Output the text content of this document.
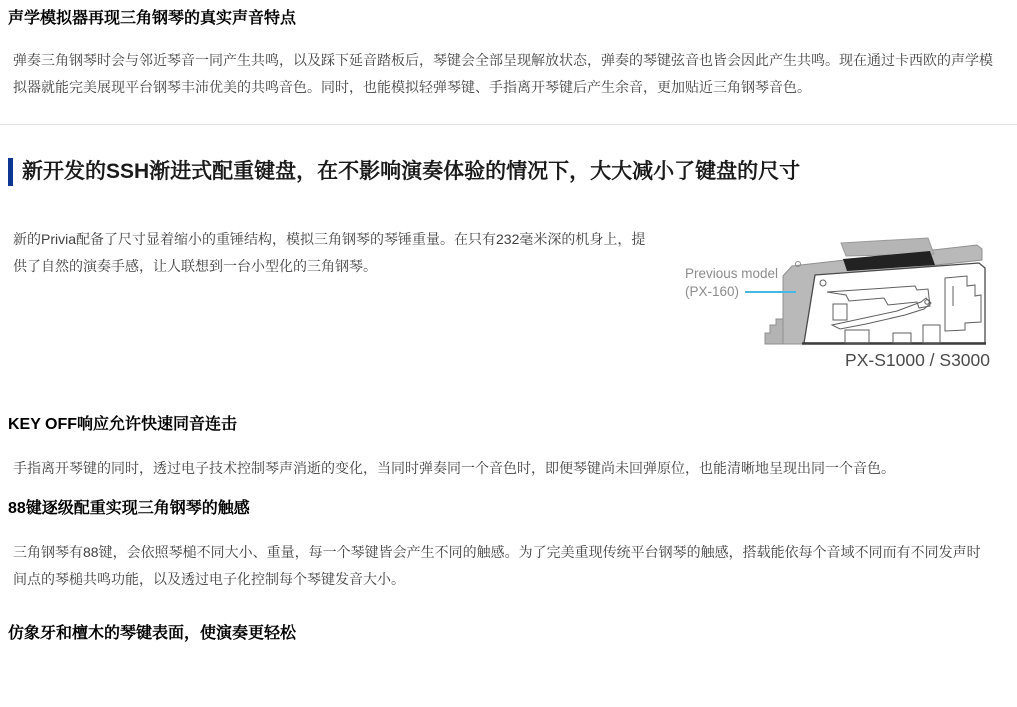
声学模拟器再现三角钢琴的真实声音特点

弹奏三角钢琴时会与邻近琴音一同产生共鸣，以及踩下延音踏板后，琴键会全部呈现解放状态，弹奏的琴键弦音也皆会因此产生共鸣。现在通过卡西欧的声学模拟器就能完美展现平台钢琴丰沛优美的共鸣音色。同时，也能模拟轻弹琴键、手指离开琴键后产生余音，更加贴近三角钢琴音色。

新开发的SSH渐进式配重键盘，在不影响演奏体验的情况下，大大减小了键盘的尺寸

新的Privia配备了尺寸显着缩小的重锤结构，模拟三角钢琴的琴锤重量。在只有232毫米深的机身上，提供了自然的演奏手感，让人联想到一台小型化的三角钢琴。	Previous model
(PX-160)
PX-S1000 / S3000
KEY OFF响应允许快速同音连击

手指离开琴键的同时，透过电子技术控制琴声消逝的变化，当同时弹奏同一个音色时，即便琴键尚未回弹原位，也能清晰地呈现出同一个音色。

88键逐级配重实现三角钢琴的触感

三角钢琴有88键，会依照琴槌不同大小、重量，每一个琴键皆会产生不同的触感。为了完美重现传统平台钢琴的触感，搭载能依每个音域不同而有不同发声时间点的琴槌共鸣功能，以及透过电子化控制每个琴键发音大小。

仿象牙和檀木的琴键表面，使演奏更轻松
